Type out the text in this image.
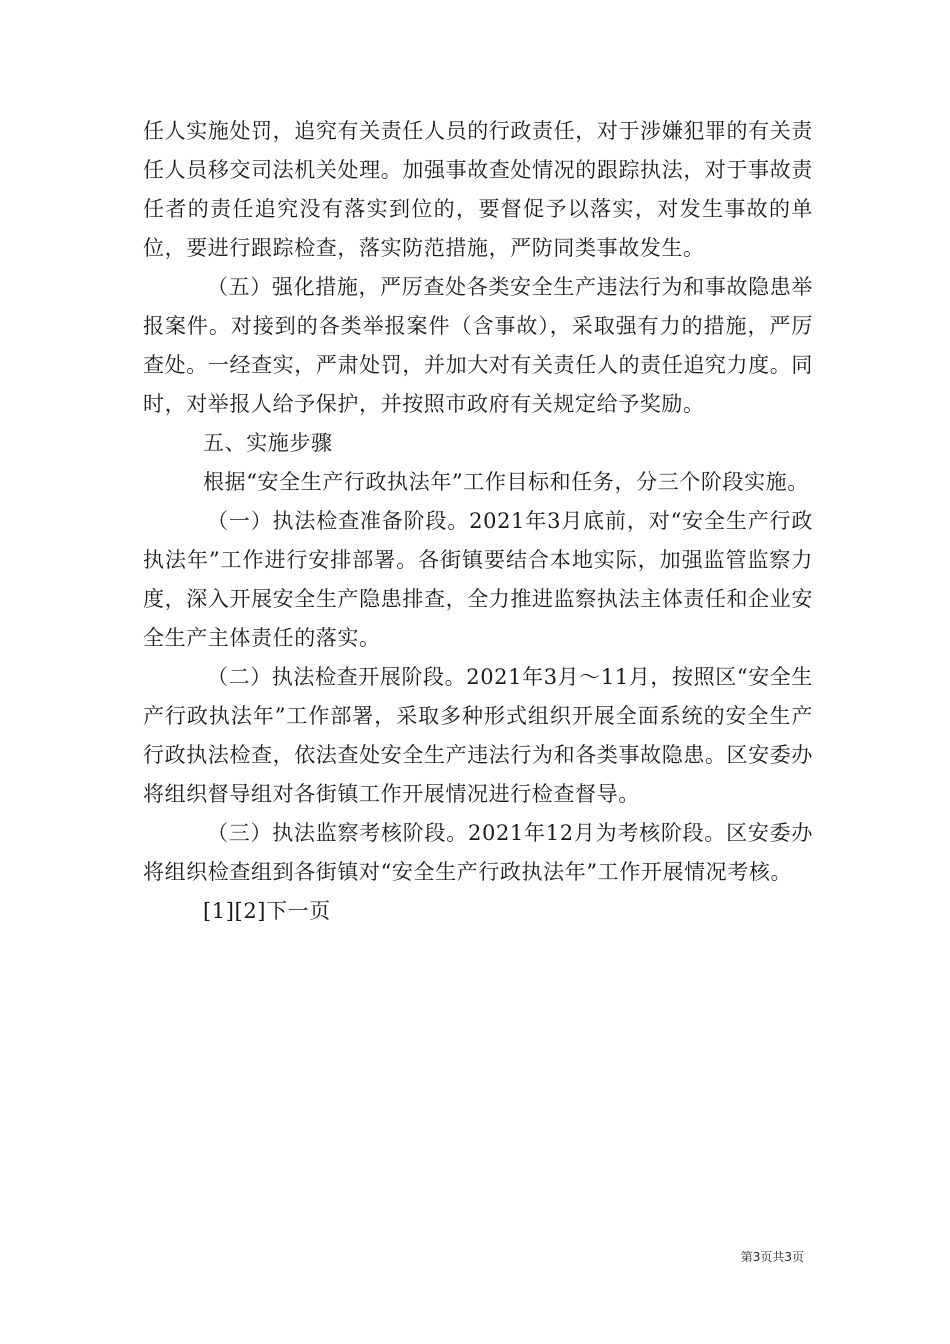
任人实施处罚，追究有关责任人员的行政责任，对于涉嫌犯罪的有关责任人员移交司法机关处理。加强事故查处情况的跟踪执法，对于事故责任者的责任追究没有落实到位的，要督促予以落实，对发生事故的单位，要进行跟踪检查，落实防范措施，严防同类事故发生。

（五）强化措施，严厉查处各类安全生产违法行为和事故隐患举报案件。对接到的各类举报案件（含事故），采取强有力的措施，严厉查处。一经查实，严肃处罚，并加大对有关责任人的责任追究力度。同时，对举报人给予保护，并按照市政府有关规定给予奖励。

五、实施步骤

根据“安全生产行政执法年”工作目标和任务，分三个阶段实施。

（一）执法检查准备阶段。2021年3月底前，对“安全生产行政执法年”工作进行安排部署。各街镇要结合本地实际，加强监管监察力度，深入开展安全生产隐患排查，全力推进监察执法主体责任和企业安全生产主体责任的落实。

（二）执法检查开展阶段。2021年3月～11月，按照区“安全生产行政执法年”工作部署，采取多种形式组织开展全面系统的安全生产行政执法检查，依法查处安全生产违法行为和各类事故隐患。区安委办将组织督导组对各街镇工作开展情况进行检查督导。

（三）执法监察考核阶段。2021年12月为考核阶段。区安委办将组织检查组到各街镇对“安全生产行政执法年”工作开展情况考核。

[1][2]下一页

第3页共3页
